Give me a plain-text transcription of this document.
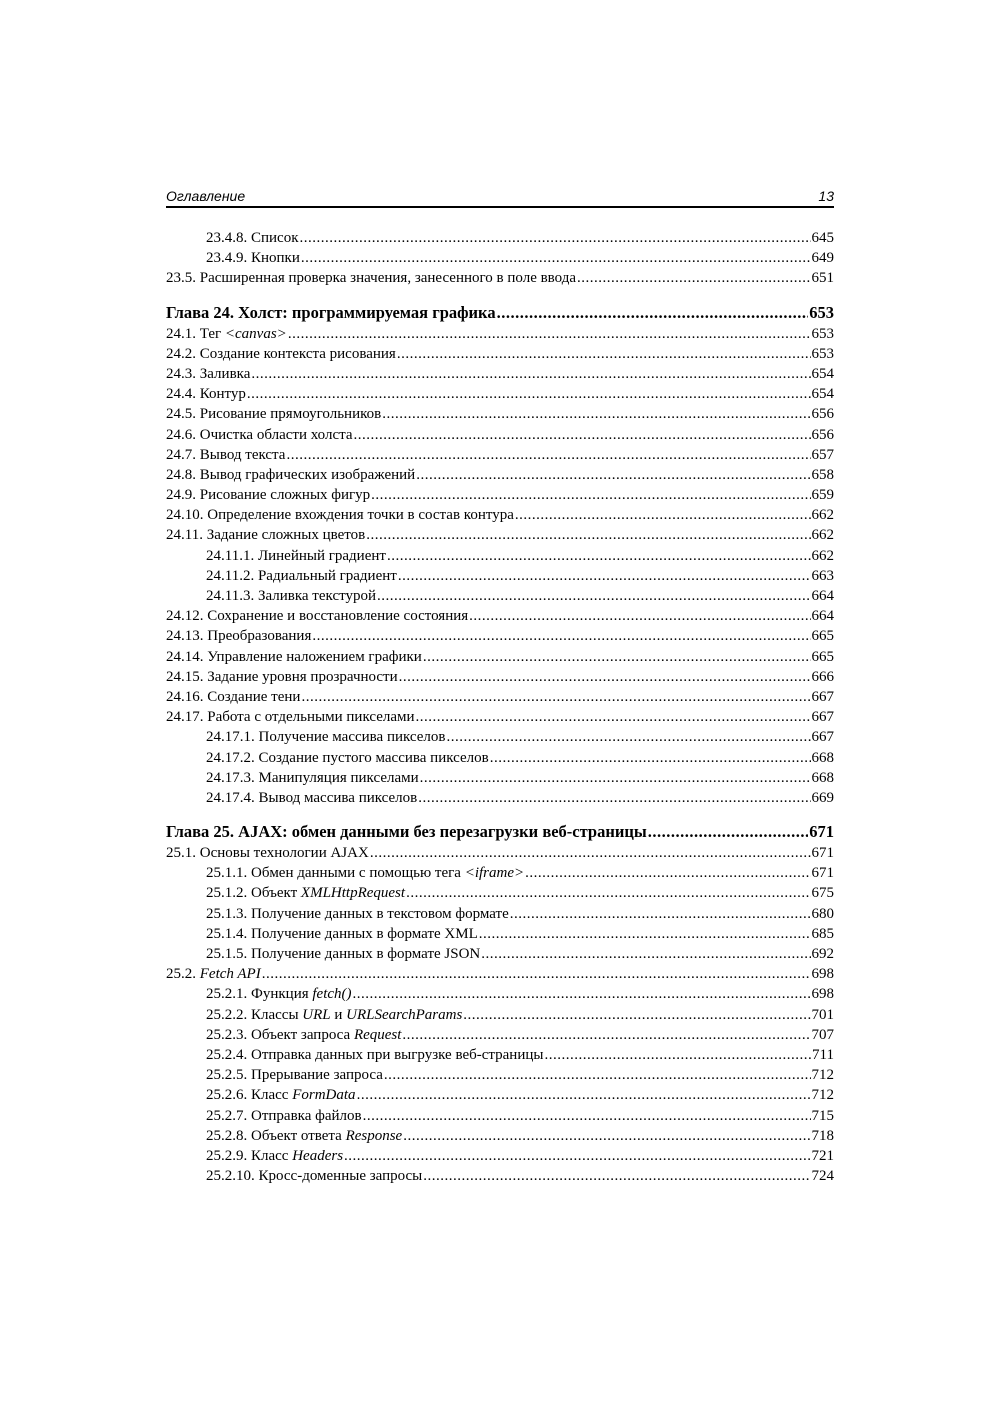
Оглавление	13
23.4.8. Список .....	645
23.4.9. Кнопки .....	649
23.5. Расширенная проверка значения, занесенного в поле ввода .....	651
Глава 24. Холст: программируемая графика .....	653
24.1. Тег <canvas> .....	653
24.2. Создание контекста рисования .....	653
24.3. Заливка .....	654
24.4. Контур .....	654
24.5. Рисование прямоугольников .....	656
24.6. Очистка области холста .....	656
24.7. Вывод текста .....	657
24.8. Вывод графических изображений .....	658
24.9. Рисование сложных фигур .....	659
24.10. Определение вхождения точки в состав контура .....	662
24.11. Задание сложных цветов .....	662
24.11.1. Линейный градиент .....	662
24.11.2. Радиальный градиент .....	663
24.11.3. Заливка текстурой .....	664
24.12. Сохранение и восстановление состояния .....	664
24.13. Преобразования .....	665
24.14. Управление наложением графики .....	665
24.15. Задание уровня прозрачности .....	666
24.16. Создание тени .....	667
24.17. Работа с отдельными пикселами .....	667
24.17.1. Получение массива пикселов .....	667
24.17.2. Создание пустого массива пикселов .....	668
24.17.3. Манипуляция пикселами .....	668
24.17.4. Вывод массива пикселов .....	669
Глава 25. AJAX: обмен данными без перезагрузки веб-страницы .....	671
25.1. Основы технологии AJAX .....	671
25.1.1. Обмен данными с помощью тега <iframe> .....	671
25.1.2. Объект XMLHttpRequest .....	675
25.1.3. Получение данных в текстовом формате .....	680
25.1.4. Получение данных в формате XML .....	685
25.1.5. Получение данных в формате JSON .....	692
25.2. Fetch API .....	698
25.2.1. Функция fetch() .....	698
25.2.2. Классы URL и URLSearchParams .....	701
25.2.3. Объект запроса Request .....	707
25.2.4. Отправка данных при выгрузке веб-страницы .....	711
25.2.5. Прерывание запроса .....	712
25.2.6. Класс FormData .....	712
25.2.7. Отправка файлов .....	715
25.2.8. Объект ответа Response .....	718
25.2.9. Класс Headers .....	721
25.2.10. Кросс-доменные запросы .....	724
